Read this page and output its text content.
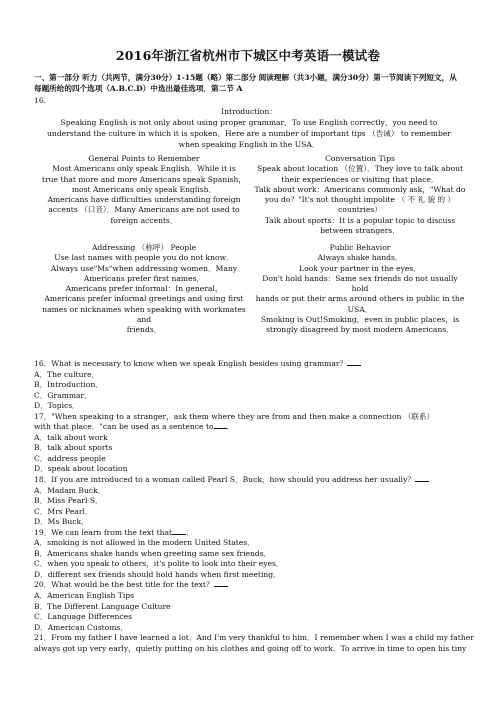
2016年浙江省杭州市下城区中考英语一模试卷
一、第一部分 听力（共两节，满分30分）1-15题（略）第二部分 阅读理解（共3小题，满分30分）第一节阅读下列短文，从每题所给的四个选项（A.B.C.D）中选出最佳选项．第二节 A
16.
Introduction：
Speaking English is not only about using proper grammar．To use English correctly，you need to
understand the culture in which it is spoken．Here are a number of important tips （告诫） to remember
when speaking English in the USA．

General Points to Remember

Most Americans only speak English．While it is

true that more and more Americans speak Spanish，

most Americans only speak English．

Americans have difficulties understanding foreign

accents （口音）．Many Americans are not used to

foreign accents．

Conversation Tips

Speak about location （位置）．They love to talk about

their experiences or visiting that place．

Talk about work：Americans commonly ask，"What do

you do？"It's not thought impolite （ 不 礼 貌 的 ）

countries）

Talk about sports：It is a popular topic to discuss

between strangers．

Addressing （称呼） People

Use last names with people you do not know．

Always use"Ms"when addressing women．Many

Americans prefer first names．

Americans prefer informal：In general，

Americans prefer informal greetings and using first

names or nicknames when speaking with workmates and

friends．

Public Behavior

Always shake hands．

Look your partner in the eyes．

Don't hold hands：Same sex friends do not usually hold

hands or put their arms around others in public in the

USA．

Smoking is Out!Smoking，even in public places，is

strongly disagreed by most modern Americans．

16．What is necessary to know when we speak English besides using grammar？
A．The culture．
B．Introduction．
C．Grammar．
D．Topics．
17．"When speaking to a stranger，ask them where they are from and then make a connection （联系）
with that place．"can be used as a sentence to ．
A．talk about work
B．talk about sports
C．address people
D．speak about location
18．If you are introduced to a woman called Pearl S．Buck，how should you address her usually？
A．Madam Buck．
B．Miss Pearl S．
C．Mrs Pearl．
D．Ms Buck．
19．We can learn from the text that ．
A．smoking is not allowed in the modern United States．
B．Americans shake hands when greeting same sex friends．
C．when you speak to others，it's polite to look into their eyes．
D．different sex friends should hold hands when first meeting．
20．What would be the best title for the text？
A．American English Tips
B．The Different Language Culture
C．Language Differences
D．American Customs．
21．From my father I have learned a lot．And I'm very thankful to him．I remember when I was a child my father
always got up very early，quietly putting on his clothes and going off to work．To arrive in time to open his tiny
